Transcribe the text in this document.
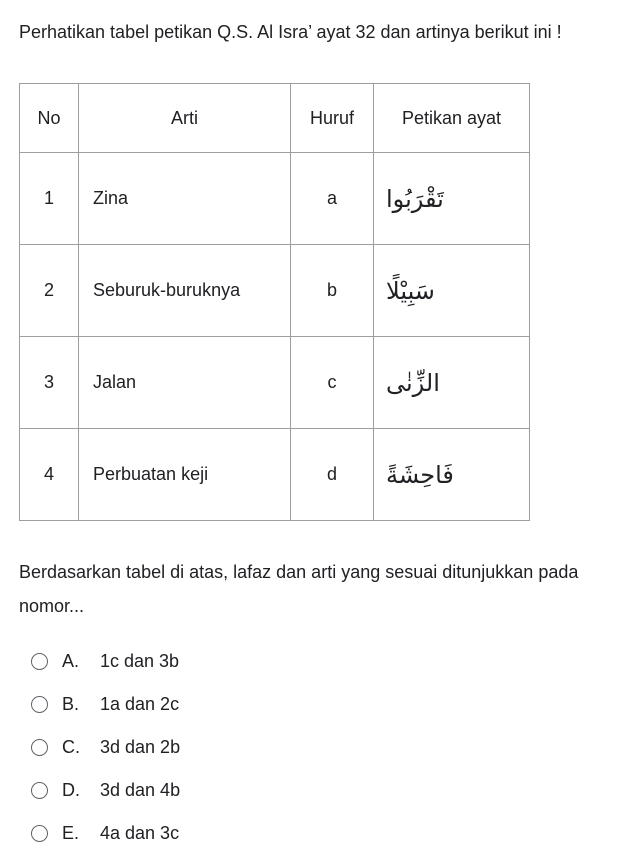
Perhatikan tabel petikan Q.S. Al Isra’ ayat 32 dan artinya berikut ini !
No	Arti	Huruf	Petikan ayat
1	Zina	a	تَقْرَبُوا
2	Seburuk-buruknya	b	سَبِيْلًا
3	Jalan	c	الزِّنٰى
4	Perbuatan keji	d	فَاحِشَةً
Berdasarkan tabel di atas, lafaz dan arti yang sesuai ditunjukkan pada nomor...
A.	1c dan 3b
B.	1a dan 2c
C.	3d dan 2b
D.	3d dan 4b
E.	4a dan 3c
